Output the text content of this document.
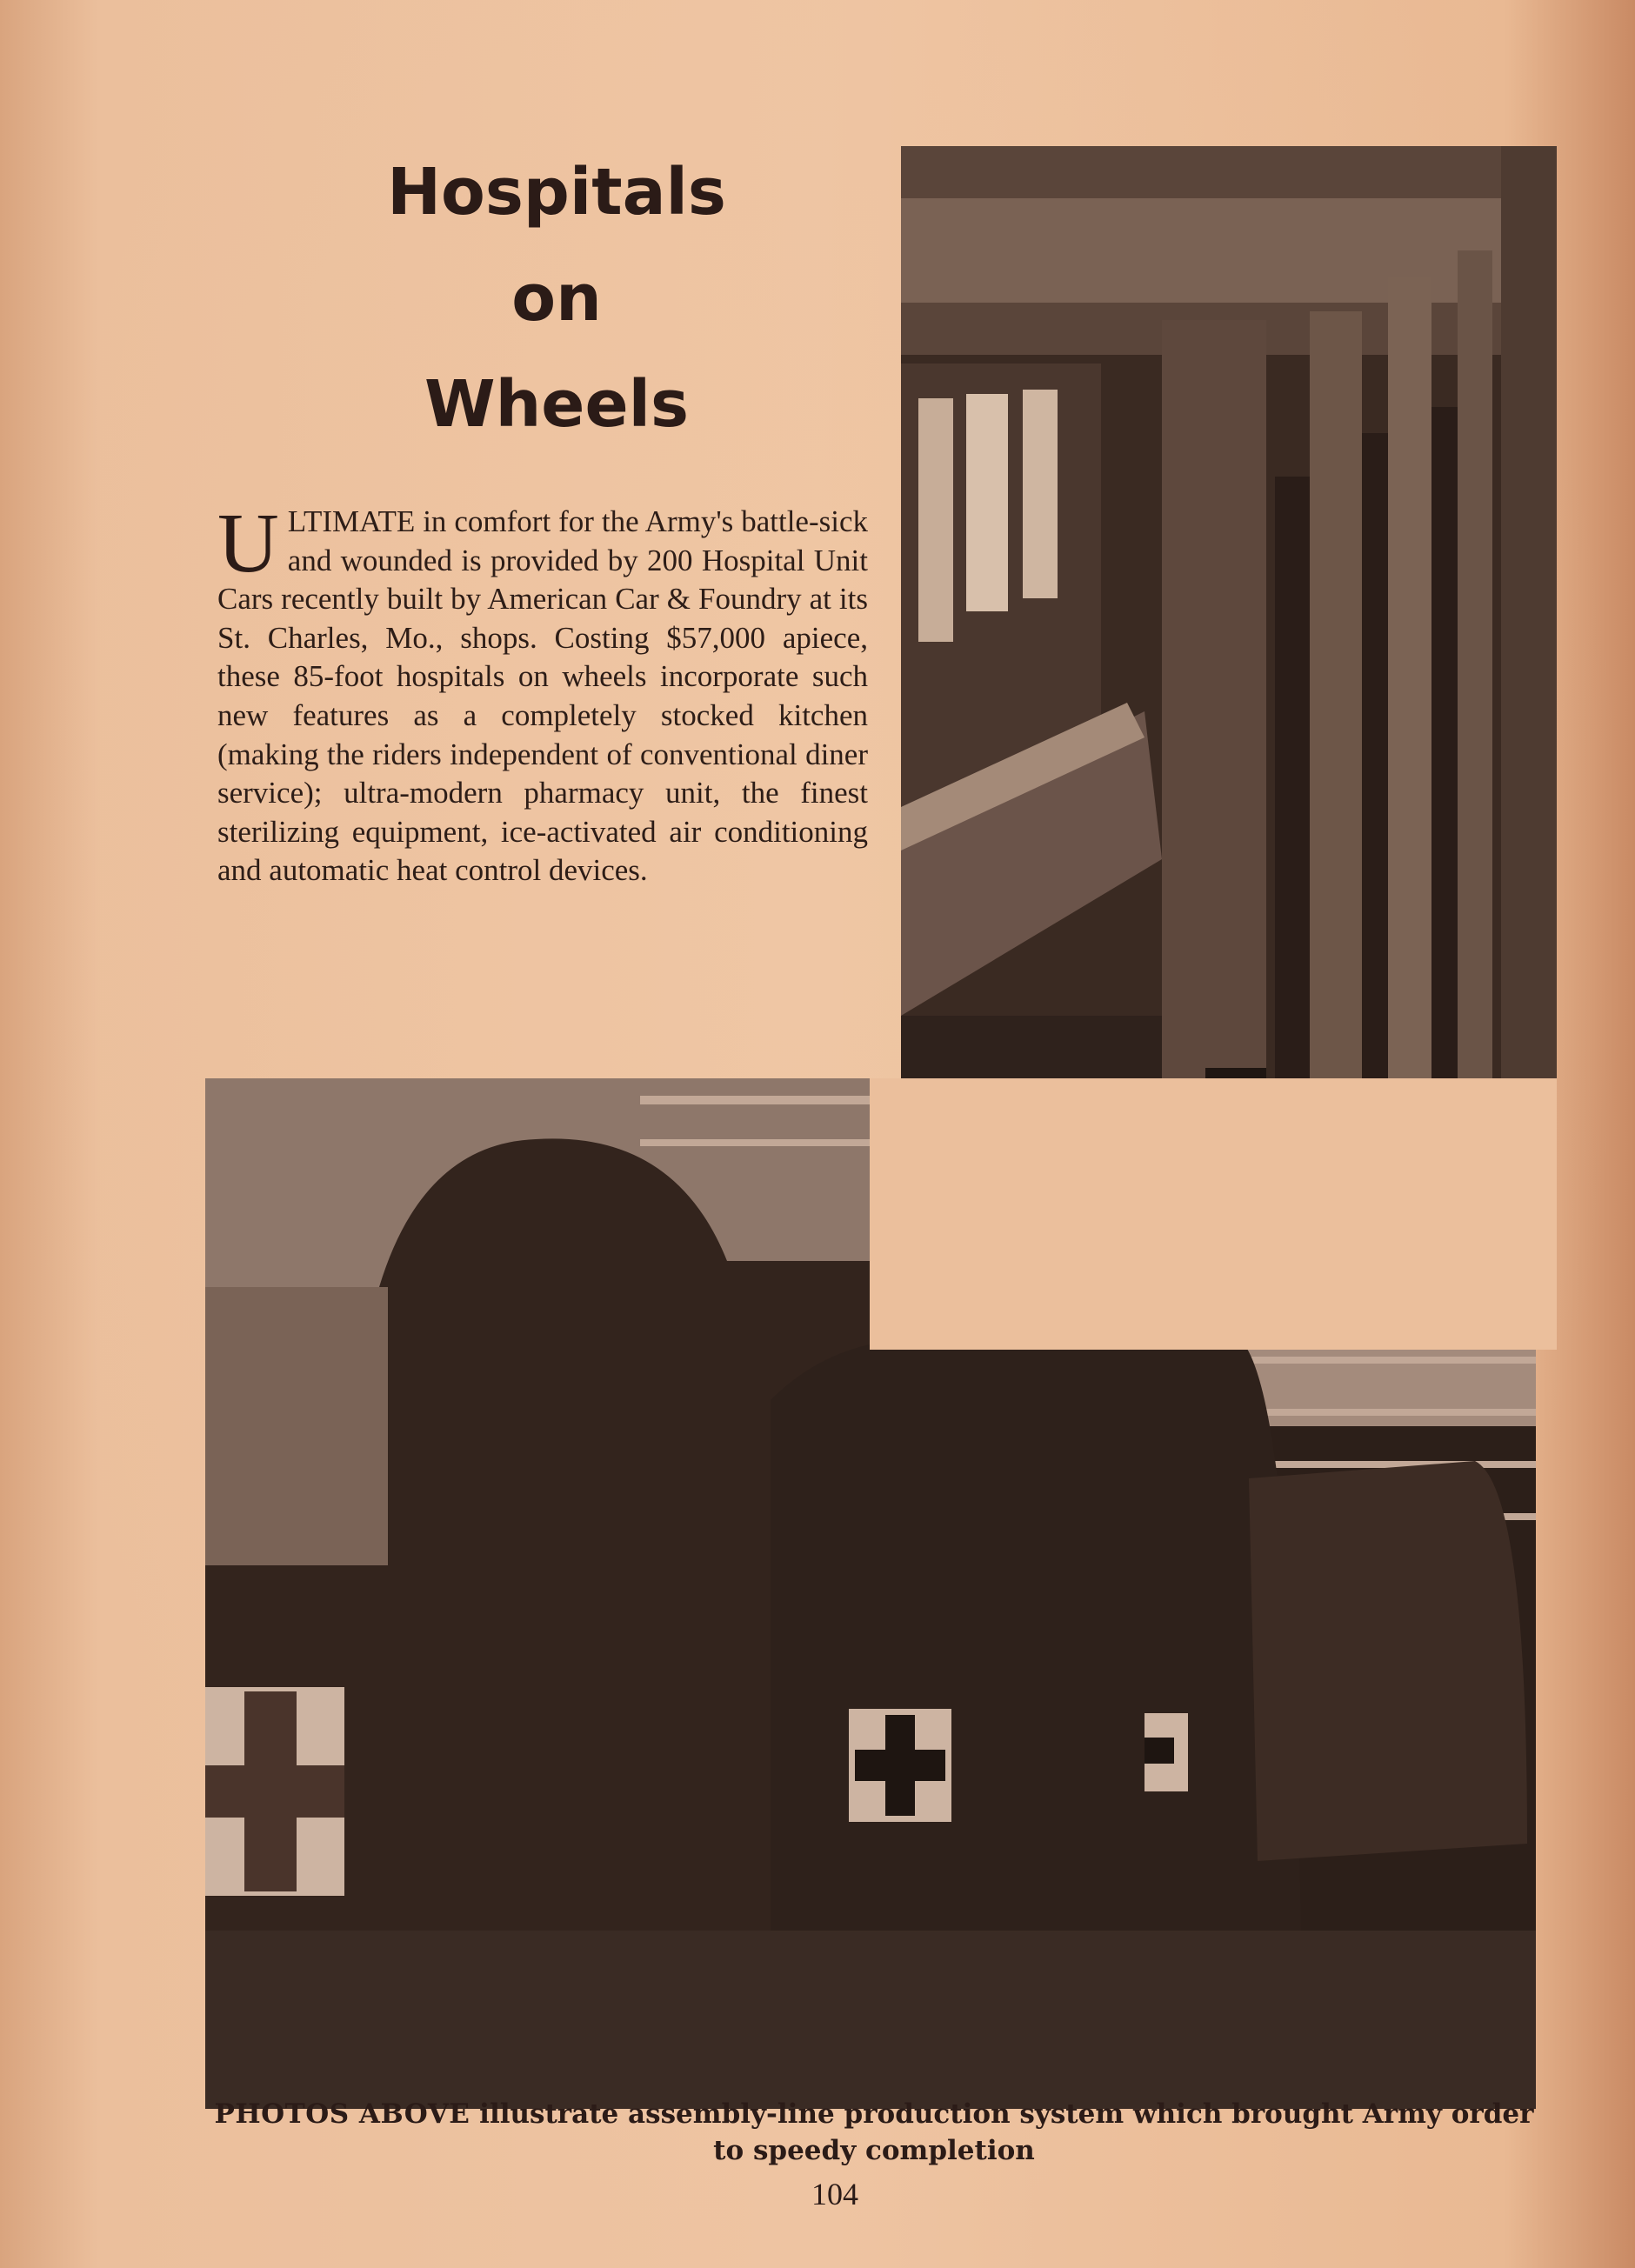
Hospitals
on
Wheels

ULTIMATE in comfort for the Army's battle-sick and wounded is provided by 200 Hospital Unit Cars recently built by American Car & Foundry at its St. Charles, Mo., shops. Costing $57,000 apiece, these 85-foot hospitals on wheels incorporate such new features as a completely stocked kitchen (making the riders independent of conventional diner service); ultra-modern pharmacy unit, the finest sterilizing equipment, ice-activated air conditioning and automatic heat control devices.

PHOTOS ABOVE illustrate assembly-line production system which brought Army order to speedy completion

104
